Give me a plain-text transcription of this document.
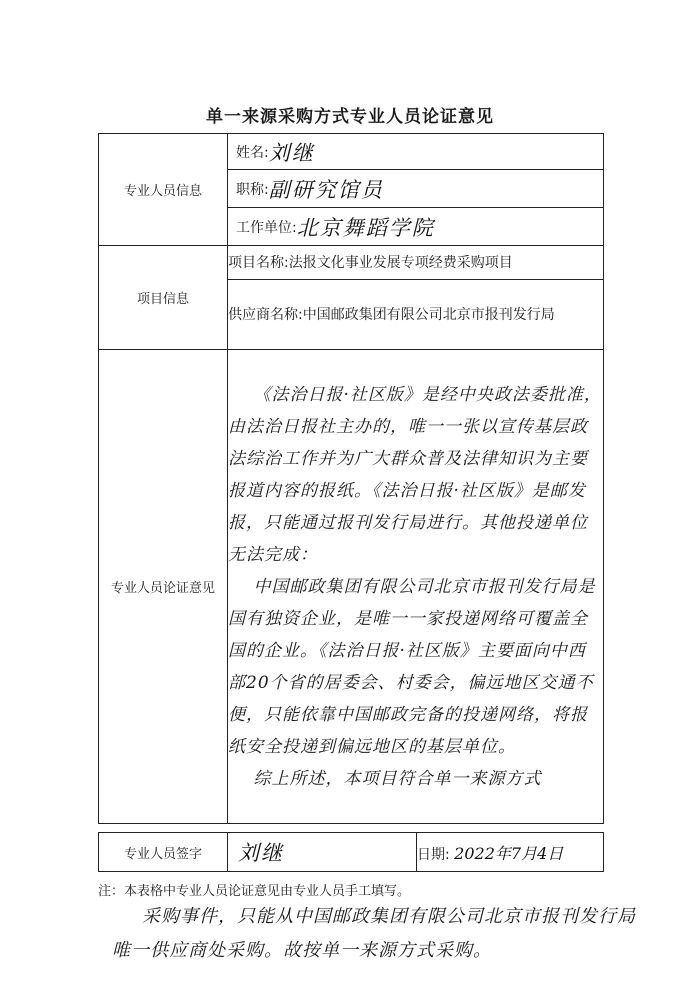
单一来源采购方式专业人员论证意见
专业人员信息	姓名: 刘继

	职称: 副研究馆员

	工作单位: 北京舞蹈学院

项目信息	项目名称:法报文化事业发展专项经费采购项目
	供应商名称:中国邮政集团有限公司北京市报刊发行局
专业人员论证意见	《法治日报·社区版》是经中央政法委批准，由法治日报社主办的，唯一一张以宣传基层政法综治工作并为广大群众普及法律知识为主要报道内容的报纸。《法治日报·社区版》是邮发报，只能通过报刊发行局进行。其他投递单位无法完成：

中国邮政集团有限公司北京市报刊发行局是国有独资企业，是唯一一家投递网络可覆盖全国的企业。《法治日报·社区版》主要面向中西部20个省的居委会、村委会，偏远地区交通不便，只能依靠中国邮政完备的投递网络，将报纸安全投递到偏远地区的基层单位。

综上所述，本项目符合单一来源方式

专业人员签字	刘继	日期: 2022年7月4日
注：本表格中专业人员论证意见由专业人员手工填写。
采购事件，只能从中国邮政集团有限公司北京市报刊发行局
唯一供应商处采购。故按单一来源方式采购。
